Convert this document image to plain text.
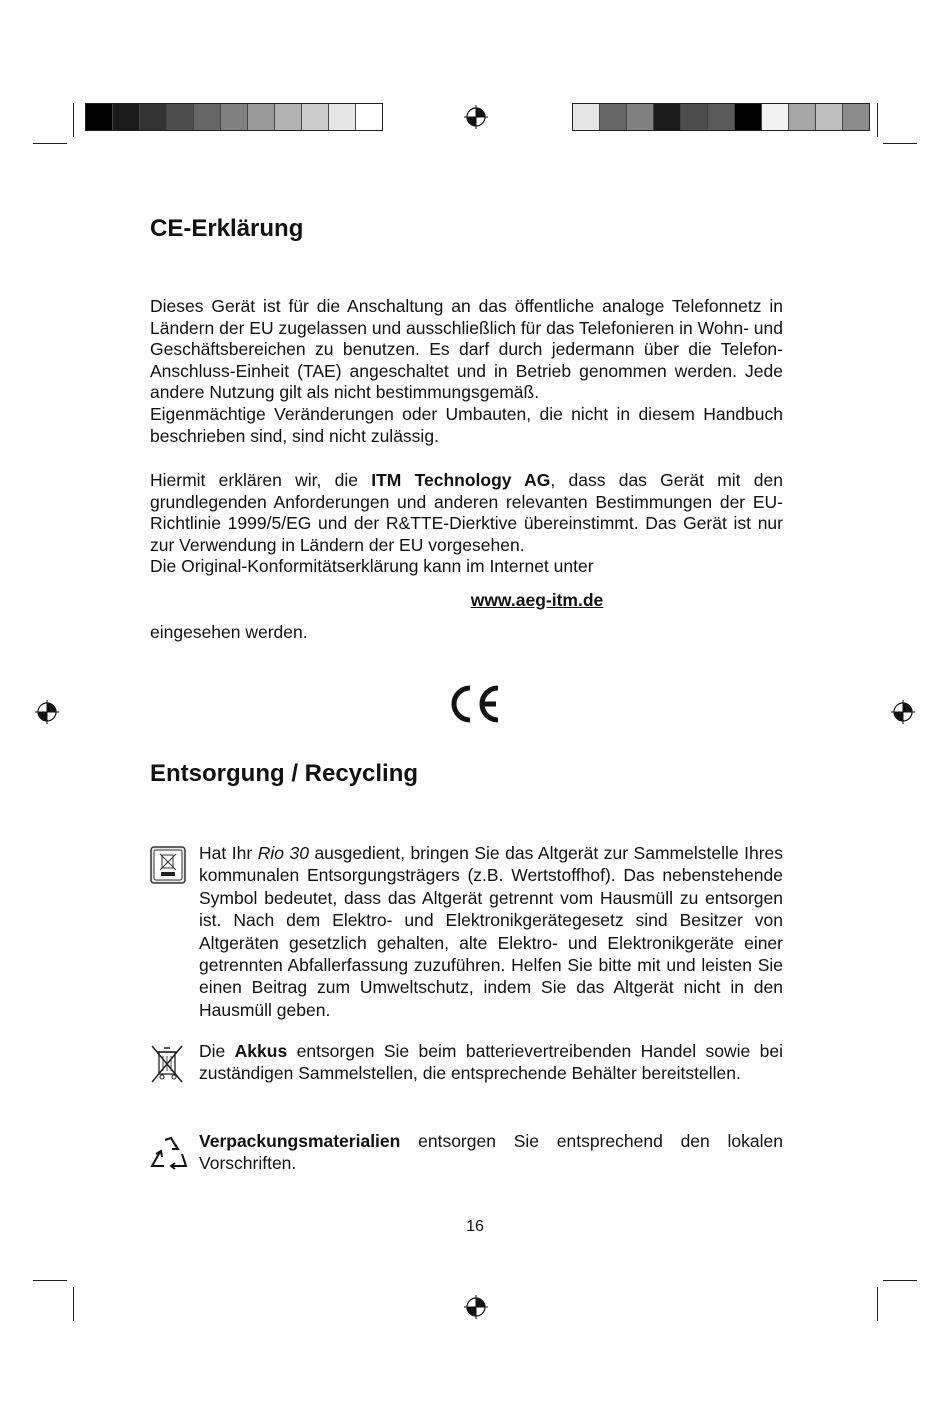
CE-Erklärung

Dieses Gerät ist für die Anschaltung an das öffentliche analoge Telefonnetz in Ländern der EU zugelassen und ausschließlich für das Telefonieren in Wohn- und Geschäftsbereichen zu benutzen. Es darf durch jedermann über die Telefon-Anschluss-Einheit (TAE) angeschaltet und in Betrieb genommen werden. Jede andere Nutzung gilt als nicht bestimmungsgemäß.

Eigenmächtige Veränderungen oder Umbauten, die nicht in diesem Handbuch beschrieben sind, sind nicht zulässig.

Hiermit erklären wir, die ITM Technology AG, dass das Gerät mit den grundlegenden Anforderungen und anderen relevanten Bestimmungen der EU-Richtlinie 1999/5/EG und der R&TTE-Dierktive übereinstimmt. Das Gerät ist nur zur Verwendung in Ländern der EU vorgesehen.

Die Original-Konformitätserklärung kann im Internet unter

www.aeg-itm.de
eingesehen werden.
Entsorgung / Recycling

Hat Ihr Rio 30 ausgedient, bringen Sie das Altgerät zur Sammelstelle Ihres kommunalen Entsorgungsträgers (z.B. Wertstoffhof). Das nebenstehende Symbol bedeutet, dass das Altgerät getrennt vom Hausmüll zu entsorgen ist. Nach dem Elektro- und Elektronikgerätegesetz sind Besitzer von Altgeräten gesetzlich gehalten, alte Elektro- und Elektronikgeräte einer getrennten Abfallerfassung zuzuführen. Helfen Sie bitte mit und leisten Sie einen Beitrag zum Umweltschutz, indem Sie das Altgerät nicht in den Hausmüll geben.

Die Akkus entsorgen Sie beim batterievertreibenden Handel sowie bei zuständigen Sammelstellen, die entsprechende Behälter bereitstellen.

Verpackungsmaterialien entsorgen Sie entsprechend den lokalen Vorschriften.

16
